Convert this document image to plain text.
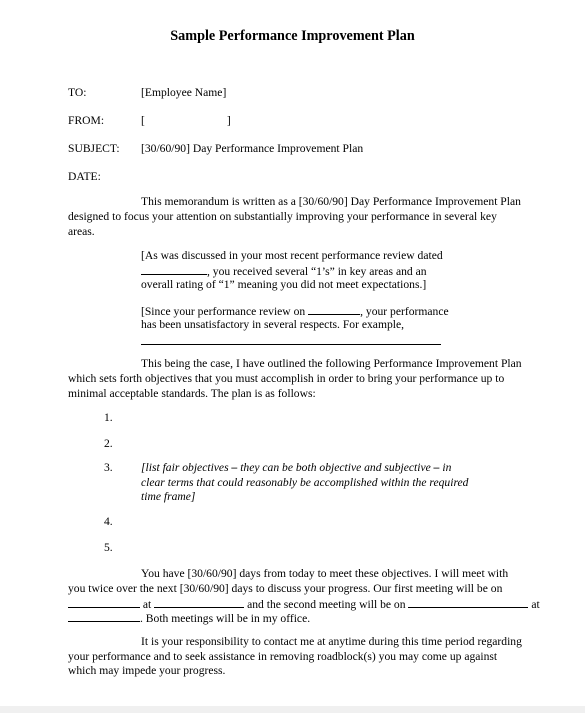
Sample Performance Improvement Plan
TO:	[Employee Name]
FROM:	[	]
SUBJECT: [30/60/90] Day Performance Improvement Plan
DATE:
This memorandum is written as a [30/60/90] Day Performance Improvement Plan
designed to focus your attention on substantially improving your performance in several key
areas.
[As was discussed in your most recent performance review dated
, you received several “1’s” in key areas and an
overall rating of “1” meaning you did not meet expectations.]
[Since your performance review on	, your performance
has been unsatisfactory in several respects. For example,
This being the case, I have outlined the following Performance Improvement Plan
which sets forth objectives that you must accomplish in order to bring your performance up to
minimal acceptable standards. The plan is as follows:
1.
2.
3. [list fair objectives – they can be both objective and subjective – in
clear terms that could reasonably be accomplished within the required
time frame]
4.
5.
You have [30/60/90] days from today to meet these objectives. I will meet with
you twice over the next [30/60/90] days to discuss your progress. Our first meeting will be on
at	and the second meeting will be on	at
. Both meetings will be in my office.
It is your responsibility to contact me at anytime during this time period regarding
your performance and to seek assistance in removing roadblock(s) you may come up against
which may impede your progress.
